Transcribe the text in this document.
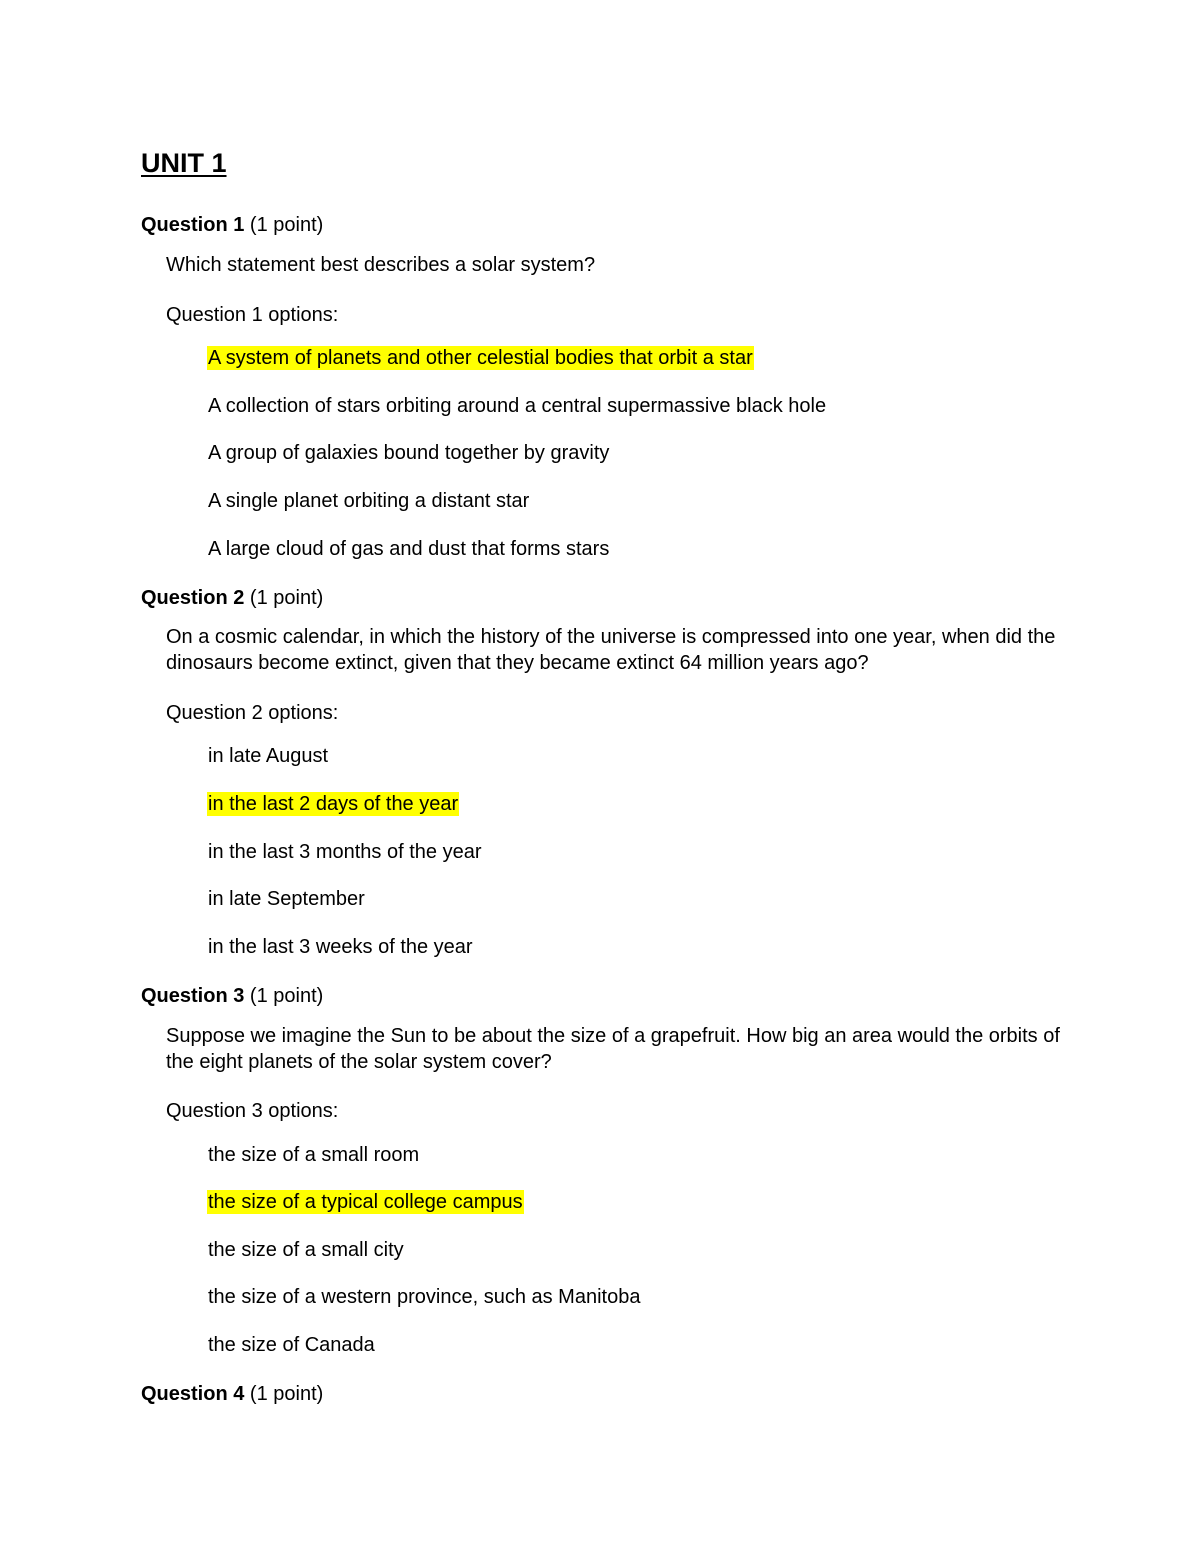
UNIT 1

Question 1 (1 point)

Which statement best describes a solar system?

Question 1 options:

A system of planets and other celestial bodies that orbit a star

A collection of stars orbiting around a central supermassive black hole

A group of galaxies bound together by gravity

A single planet orbiting a distant star

A large cloud of gas and dust that forms stars

Question 2 (1 point)

On a cosmic calendar, in which the history of the universe is compressed into one year, when did the dinosaurs become extinct, given that they became extinct 64 million years ago?

Question 2 options:

in late August

in the last 2 days of the year

in the last 3 months of the year

in late September

in the last 3 weeks of the year

Question 3 (1 point)

Suppose we imagine the Sun to be about the size of a grapefruit. How big an area would the orbits of the eight planets of the solar system cover?

Question 3 options:

the size of a small room

the size of a typical college campus

the size of a small city

the size of a western province, such as Manitoba

the size of Canada

Question 4 (1 point)
